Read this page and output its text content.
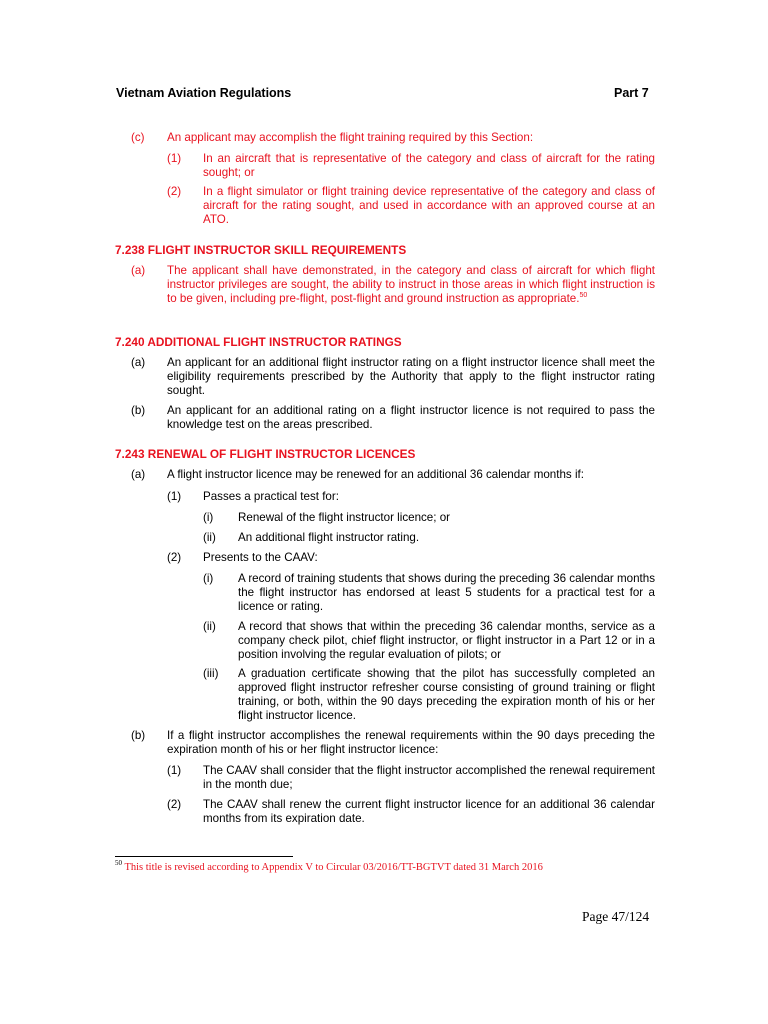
Vietnam Aviation Regulations	Part 7
(c) An applicant may accomplish the flight training required by this Section:
(1) In an aircraft that is representative of the category and class of aircraft for the rating sought; or
(2) In a flight simulator or flight training device representative of the category and class of aircraft for the rating sought, and used in accordance with an approved course at an ATO.
7.238 FLIGHT INSTRUCTOR SKILL REQUIREMENTS
(a) The applicant shall have demonstrated, in the category and class of aircraft for which flight instructor privileges are sought, the ability to instruct in those areas in which flight instruction is to be given, including pre-flight, post-flight and ground instruction as appropriate.$^{50}$
7.240 ADDITIONAL FLIGHT INSTRUCTOR RATINGS
(a) An applicant for an additional flight instructor rating on a flight instructor licence shall meet the eligibility requirements prescribed by the Authority that apply to the flight instructor rating sought.
(b) An applicant for an additional rating on a flight instructor licence is not required to pass the knowledge test on the areas prescribed.
7.243 RENEWAL OF FLIGHT INSTRUCTOR LICENCES
(a) A flight instructor licence may be renewed for an additional 36 calendar months if:
(1) Passes a practical test for:
(i) Renewal of the flight instructor licence; or
(ii) An additional flight instructor rating.
(2) Presents to the CAAV:
(i) A record of training students that shows during the preceding 36 calendar months the flight instructor has endorsed at least 5 students for a practical test for a licence or rating.
(ii) A record that shows that within the preceding 36 calendar months, service as a company check pilot, chief flight instructor, or flight instructor in a Part 12 or in a position involving the regular evaluation of pilots; or
(iii) A graduation certificate showing that the pilot has successfully completed an approved flight instructor refresher course consisting of ground training or flight training, or both, within the 90 days preceding the expiration month of his or her flight instructor licence.
(b) If a flight instructor accomplishes the renewal requirements within the 90 days preceding the expiration month of his or her flight instructor licence:
(1) The CAAV shall consider that the flight instructor accomplished the renewal requirement in the month due;
(2) The CAAV shall renew the current flight instructor licence for an additional 36 calendar months from its expiration date.
$^{50}$ This title is revised according to Appendix V to Circular 03/2016/TT-BGTVT dated 31 March 2016
Page 47/124
